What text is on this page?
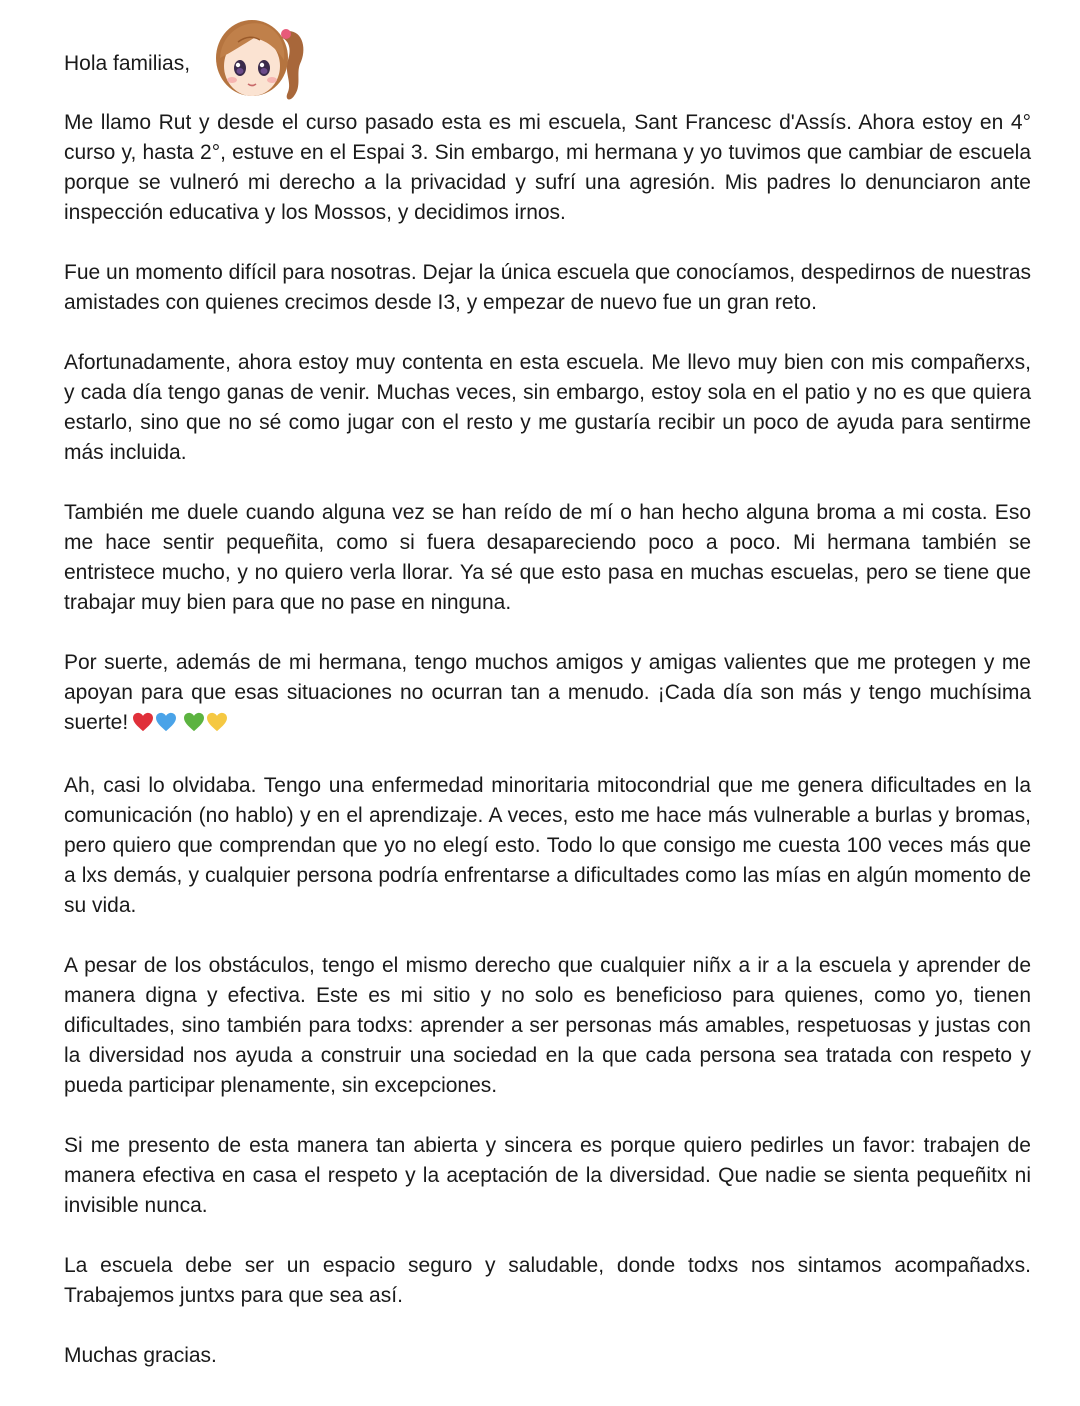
Hola familias,

Me llamo Rut y desde el curso pasado esta es mi escuela, Sant Francesc d'Assís. Ahora estoy en 4° curso y, hasta 2°, estuve en el Espai 3. Sin embargo, mi hermana y yo tuvimos que cambiar de escuela porque se vulneró mi derecho a la privacidad y sufrí una agresión. Mis padres lo denunciaron ante inspección educativa y los Mossos, y decidimos irnos.

Fue un momento difícil para nosotras. Dejar la única escuela que conocíamos, despedirnos de nuestras amistades con quienes crecimos desde I3, y empezar de nuevo fue un gran reto.

Afortunadamente, ahora estoy muy contenta en esta escuela. Me llevo muy bien con mis compañerxs, y cada día tengo ganas de venir. Muchas veces, sin embargo, estoy sola en el patio y no es que quiera estarlo, sino que no sé como jugar con el resto y me gustaría recibir un poco de ayuda para sentirme más incluida.

También me duele cuando alguna vez se han reído de mí o han hecho alguna broma a mi costa. Eso me hace sentir pequeñita, como si fuera desapareciendo poco a poco. Mi hermana también se entristece mucho, y no quiero verla llorar. Ya sé que esto pasa en muchas escuelas, pero se tiene que trabajar muy bien para que no pase en ninguna.

Por suerte, además de mi hermana, tengo muchos amigos y amigas valientes que me protegen y me apoyan para que esas situaciones no ocurran tan a menudo. ¡Cada día son más y tengo muchísima suerte!

Ah, casi lo olvidaba. Tengo una enfermedad minoritaria mitocondrial que me genera dificultades en la comunicación (no hablo) y en el aprendizaje. A veces, esto me hace más vulnerable a burlas y bromas, pero quiero que comprendan que yo no elegí esto. Todo lo que consigo me cuesta 100 veces más que a lxs demás, y cualquier persona podría enfrentarse a dificultades como las mías en algún momento de su vida.

A pesar de los obstáculos, tengo el mismo derecho que cualquier niñx a ir a la escuela y aprender de manera digna y efectiva. Este es mi sitio y no solo es beneficioso para quienes, como yo, tienen dificultades, sino también para todxs: aprender a ser personas más amables, respetuosas y justas con la diversidad nos ayuda a construir una sociedad en la que cada persona sea tratada con respeto y pueda participar plenamente, sin excepciones.

Si me presento de esta manera tan abierta y sincera es porque quiero pedirles un favor: trabajen de manera efectiva en casa el respeto y la aceptación de la diversidad. Que nadie se sienta pequeñitx ni invisible nunca.

La escuela debe ser un espacio seguro y saludable, donde todxs nos sintamos acompañadxs. Trabajemos juntxs para que sea así.

Muchas gracias.
